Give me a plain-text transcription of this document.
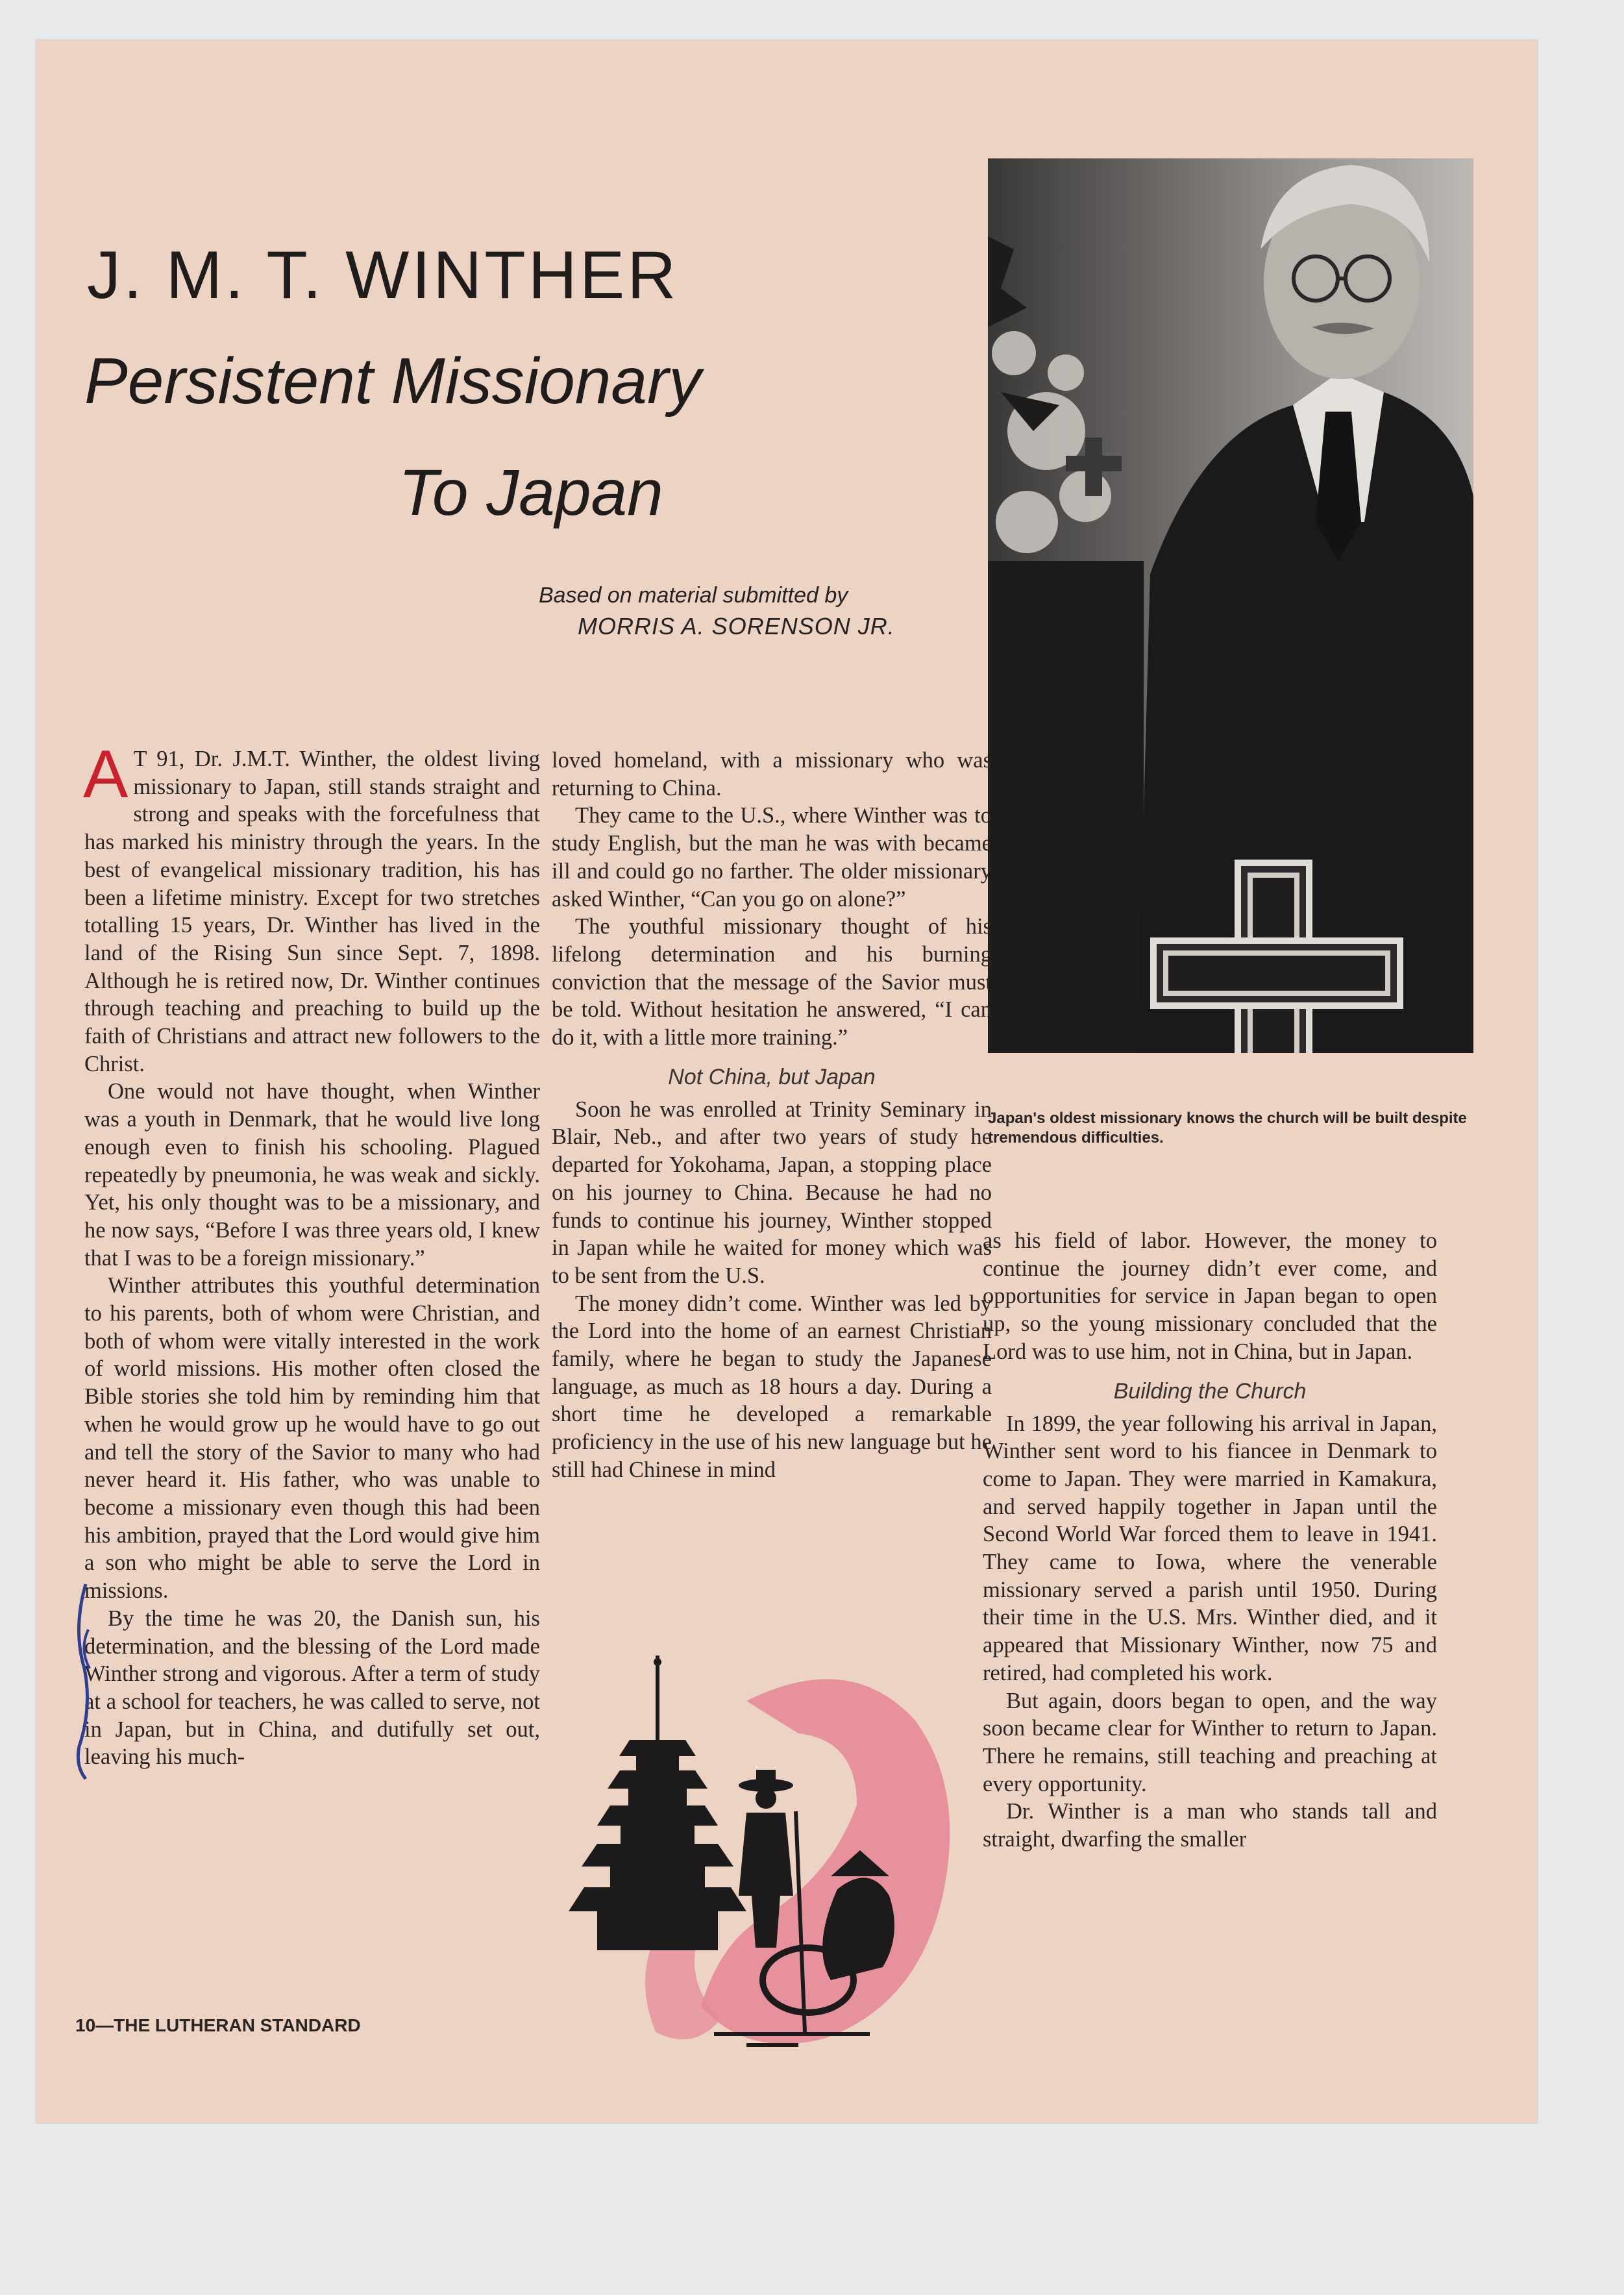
J. M. T. WINTHER
Persistent Missionary
To Japan
Based on material submitted by
MORRIS A. SORENSON JR.

Japan's oldest missionary knows the church will be built despite tremendous difficulties.

A T 91, Dr. J.M.T. Winther, the oldest living missionary to Japan, still stands straight and strong and speaks with the forcefulness that has marked his ministry through the years. In the best of evangelical missionary tradition, his has been a lifetime ministry. Except for two stretches totalling 15 years, Dr. Winther has lived in the land of the Rising Sun since Sept. 7, 1898. Although he is retired now, Dr. Winther continues through teaching and preaching to build up the faith of Christians and attract new followers to the Christ.

One would not have thought, when Winther was a youth in Denmark, that he would live long enough even to finish his schooling. Plagued repeatedly by pneumonia, he was weak and sickly. Yet, his only thought was to be a missionary, and he now says, “Before I was three years old, I knew that I was to be a foreign missionary.”

Winther attributes this youthful determination to his parents, both of whom were Christian, and both of whom were vitally interested in the work of world missions. His mother often closed the Bible stories she told him by reminding him that when he would grow up he would have to go out and tell the story of the Savior to many who had never heard it. His father, who was unable to become a missionary even though this had been his ambition, prayed that the Lord would give him a son who might be able to serve the Lord in missions.

By the time he was 20, the Danish sun, his determination, and the blessing of the Lord made Winther strong and vigorous. After a term of study at a school for teachers, he was called to serve, not in Japan, but in China, and dutifully set out, leaving his much-

loved homeland, with a missionary who was returning to China.

They came to the U.S., where Winther was to study English, but the man he was with became ill and could go no farther. The older missionary asked Winther, “Can you go on alone?”

The youthful missionary thought of his lifelong determination and his burning conviction that the message of the Savior must be told. Without hesitation he answered, “I can do it, with a little more training.”

Not China, but Japan

Soon he was enrolled at Trinity Seminary in Blair, Neb., and after two years of study he departed for Yokohama, Japan, a stopping place on his journey to China. Because he had no funds to continue his journey, Winther stopped in Japan while he waited for money which was to be sent from the U.S.

The money didn’t come. Winther was led by the Lord into the home of an earnest Christian family, where he began to study the Japanese language, as much as 18 hours a day. During a short time he developed a remarkable proficiency in the use of his new language but he still had Chinese in mind

as his field of labor. However, the money to continue the journey didn’t ever come, and opportunities for service in Japan began to open up, so the young missionary concluded that the Lord was to use him, not in China, but in Japan.

Building the Church

In 1899, the year following his arrival in Japan, Winther sent word to his fiancee in Denmark to come to Japan. They were married in Kamakura, and served happily together in Japan until the Second World War forced them to leave in 1941. They came to Iowa, where the venerable missionary served a parish until 1950. During their time in the U.S. Mrs. Winther died, and it appeared that Missionary Winther, now 75 and retired, had completed his work.

But again, doors began to open, and the way soon became clear for Winther to return to Japan. There he remains, still teaching and preaching at every opportunity.

Dr. Winther is a man who stands tall and straight, dwarfing the smaller

10—THE LUTHERAN STANDARD
